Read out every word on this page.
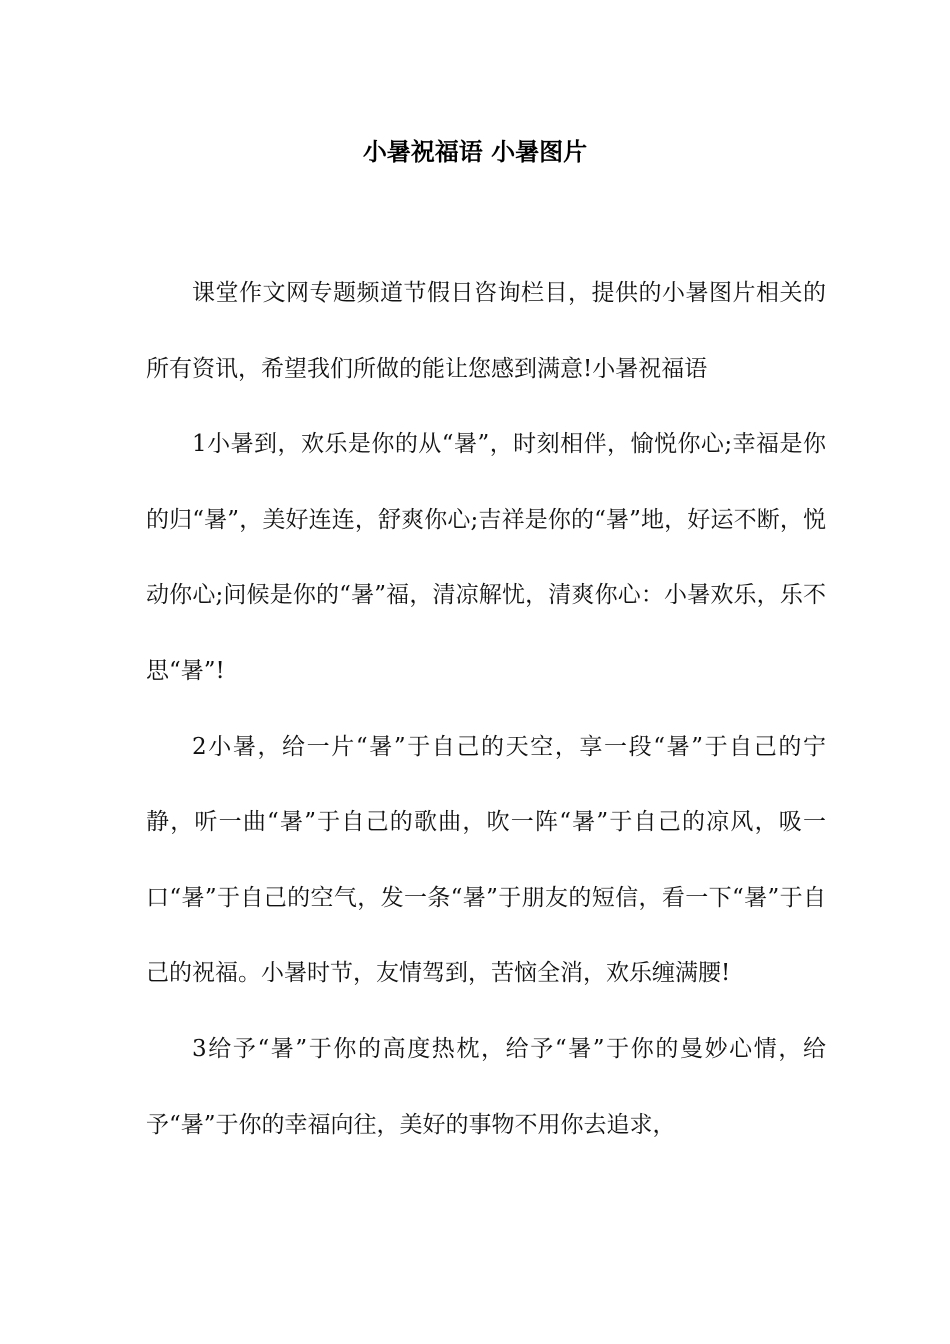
小暑祝福语 小暑图片

课堂作文网专题频道节假日咨询栏目，提供的小暑图片相关的所有资讯，希望我们所做的能让您感到满意!小暑祝福语

1小暑到，欢乐是你的从“暑”，时刻相伴，愉悦你心;幸福是你的归“暑”，美好连连，舒爽你心;吉祥是你的“暑”地，好运不断，悦动你心;问候是你的“暑”福，清凉解忧，清爽你心：小暑欢乐，乐不思“暑”!

2小暑，给一片“暑”于自己的天空，享一段“暑”于自己的宁静，听一曲“暑”于自己的歌曲，吹一阵“暑”于自己的凉风，吸一口“暑”于自己的空气，发一条“暑”于朋友的短信，看一下“暑”于自己的祝福。小暑时节，友情驾到，苦恼全消，欢乐缠满腰!

3给予“暑”于你的高度热枕，给予“暑”于你的曼妙心情，给予“暑”于你的幸福向往，美好的事物不用你去追求，
